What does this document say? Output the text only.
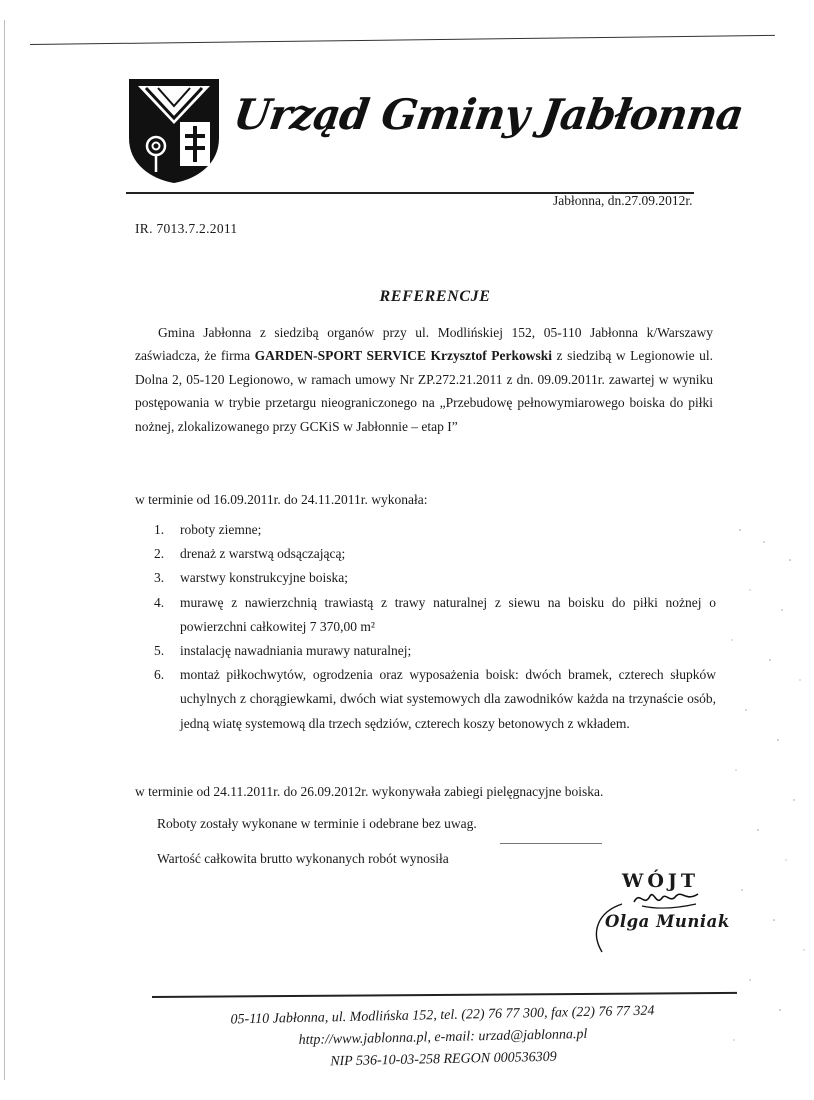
Urząd Gminy Jabłonna
Jabłonna, dn.27.09.2012r.
IR. 7013.7.2.2011
REFERENCJE

Gmina Jabłonna z siedzibą organów przy ul. Modlińskiej 152, 05-110 Jabłonna k/Warszawy zaświadcza, że firma GARDEN-SPORT SERVICE Krzysztof Perkowski z siedzibą w Legionowie ul. Dolna 2, 05-120 Legionowo, w ramach umowy Nr ZP.272.21.2011 z dn. 09.09.2011r. zawartej w wyniku postępowania w trybie przetargu nieograniczonego na „Przebudowę pełnowymiarowego boiska do piłki nożnej, zlokalizowanego przy GCKiS w Jabłonnie – etap I”

w terminie od 16.09.2011r. do 24.11.2011r. wykonała:
1. roboty ziemne;
2. drenaż z warstwą odsączającą;
3. warstwy konstrukcyjne boiska;
4. murawę z nawierzchnią trawiastą z trawy naturalnej z siewu na boisku do piłki nożnej o powierzchni całkowitej 7 370,00 m²
5. instalację nawadniania murawy naturalnej;
6. montaż piłkochwytów, ogrodzenia oraz wyposażenia boisk: dwóch bramek, czterech słupków uchylnych z chorągiewkami, dwóch wiat systemowych dla zawodników każda na trzynaście osób, jedną wiatę systemową dla trzech sędziów, czterech koszy betonowych z wkładem.
w terminie od 24.11.2011r. do 26.09.2012r. wykonywała zabiegi pielęgnacyjne boiska.
Roboty zostały wykonane w terminie i odebrane bez uwag.
Wartość całkowita brutto wykonanych robót wynosiła
WÓJT
Olga Muniak
05-110 Jabłonna, ul. Modlińska 152, tel. (22) 76 77 300, fax (22) 76 77 324
http://www.jablonna.pl, e-mail: urzad@jablonna.pl
NIP 536-10-03-258 REGON 000536309
